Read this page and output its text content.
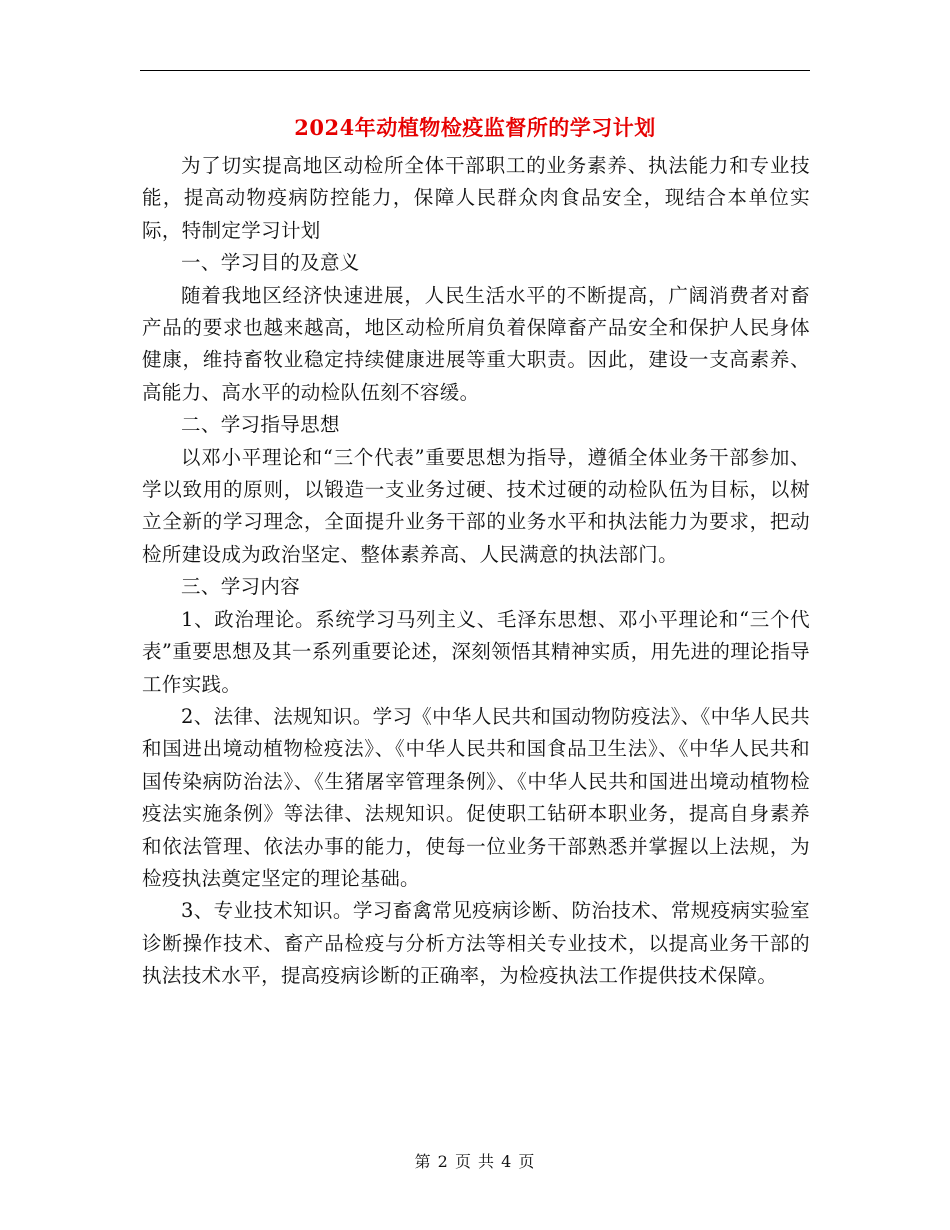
2024年动植物检疫监督所的学习计划

为了切实提高地区动检所全体干部职工的业务素养、执法能力和专业技能，提高动物疫病防控能力，保障人民群众肉食品安全，现结合本单位实际，特制定学习计划

一、学习目的及意义

随着我地区经济快速进展，人民生活水平的不断提高，广阔消费者对畜产品的要求也越来越高，地区动检所肩负着保障畜产品安全和保护人民身体健康，维持畜牧业稳定持续健康进展等重大职责。因此，建设一支高素养、高能力、高水平的动检队伍刻不容缓。

二、学习指导思想

以邓小平理论和“三个代表”重要思想为指导，遵循全体业务干部参加、学以致用的原则，以锻造一支业务过硬、技术过硬的动检队伍为目标，以树立全新的学习理念，全面提升业务干部的业务水平和执法能力为要求，把动检所建设成为政治坚定、整体素养高、人民满意的执法部门。

三、学习内容

1、政治理论。系统学习马列主义、毛泽东思想、邓小平理论和“三个代表”重要思想及其一系列重要论述，深刻领悟其精神实质，用先进的理论指导工作实践。

2、法律、法规知识。学习《中华人民共和国动物防疫法》、《中华人民共和国进出境动植物检疫法》、《中华人民共和国食品卫生法》、《中华人民共和国传染病防治法》、《生猪屠宰管理条例》、《中华人民共和国进出境动植物检疫法实施条例》等法律、法规知识。促使职工钻研本职业务，提高自身素养和依法管理、依法办事的能力，使每一位业务干部熟悉并掌握以上法规，为检疫执法奠定坚定的理论基础。

3、专业技术知识。学习畜禽常见疫病诊断、防治技术、常规疫病实验室诊断操作技术、畜产品检疫与分析方法等相关专业技术，以提高业务干部的执法技术水平，提高疫病诊断的正确率，为检疫执法工作提供技术保障。

第 2 页 共 4 页
